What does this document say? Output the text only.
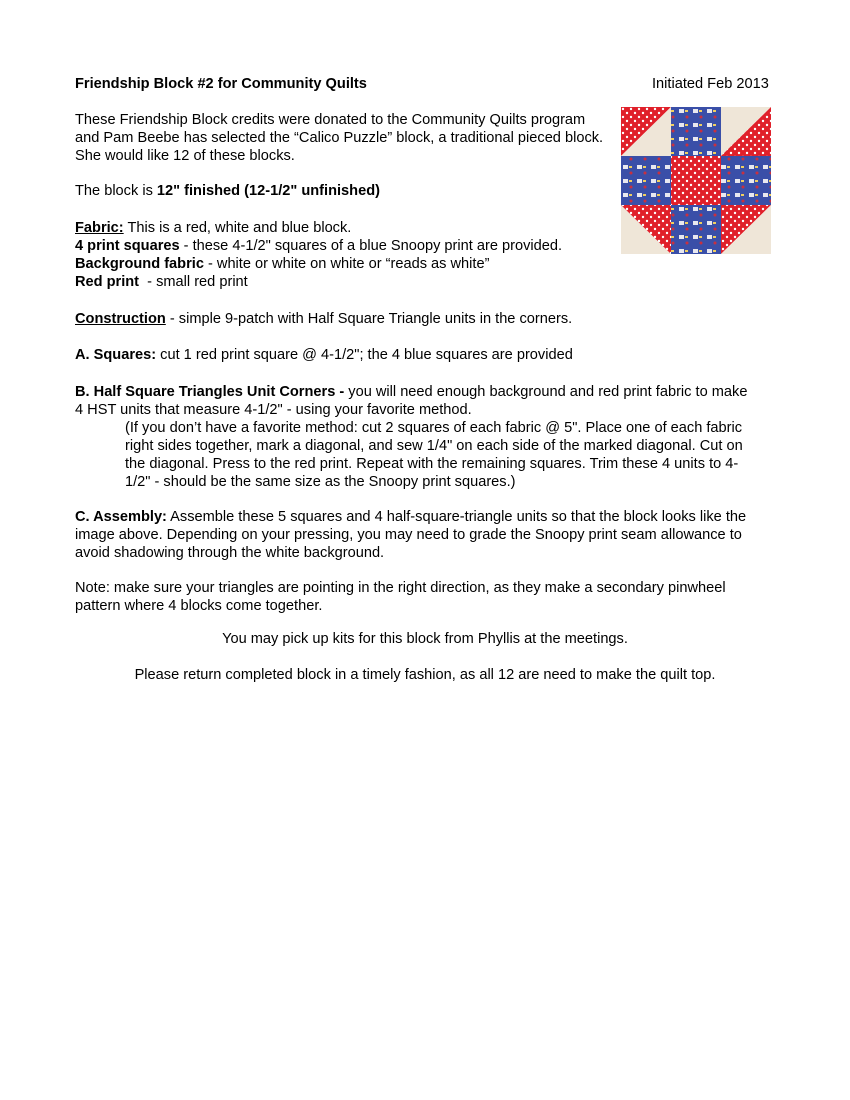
Friendship Block #2 for Community Quilts	Initiated Feb 2013
These Friendship Block credits were donated to the Community Quilts program
and Pam Beebe has selected the “Calico Puzzle” block, a traditional pieced block.
She would like 12 of these blocks.
The block is 12" finished (12-1/2" unfinished)
Fabric: This is a red, white and blue block.
4 print squares - these 4-1/2" squares of a blue Snoopy print are provided.
Background fabric - white or white on white or “reads as white”
Red print  - small red print
Construction - simple 9-patch with Half Square Triangle units in the corners.
A. Squares: cut 1 red print square @ 4-1/2"; the 4 blue squares are provided
B. Half Square Triangles Unit Corners - you will need enough background and red print fabric to make
4 HST units that measure 4-1/2" - using your favorite method.
(If you don’t have a favorite method: cut 2 squares of each fabric @ 5". Place one of each fabric
right sides together, mark a diagonal, and sew 1/4" on each side of the marked diagonal. Cut on
the diagonal. Press to the red print. Repeat with the remaining squares. Trim these 4 units to 4-
1/2" - should be the same size as the Snoopy print squares.)
C. Assembly: Assemble these 5 squares and 4 half-square-triangle units so that the block looks like the
image above. Depending on your pressing, you may need to grade the Snoopy print seam allowance to
avoid shadowing through the white background.
Note: make sure your triangles are pointing in the right direction, as they make a secondary pinwheel
pattern where 4 blocks come together.
You may pick up kits for this block from Phyllis at the meetings.
Please return completed block in a timely fashion, as all 12 are need to make the quilt top.
